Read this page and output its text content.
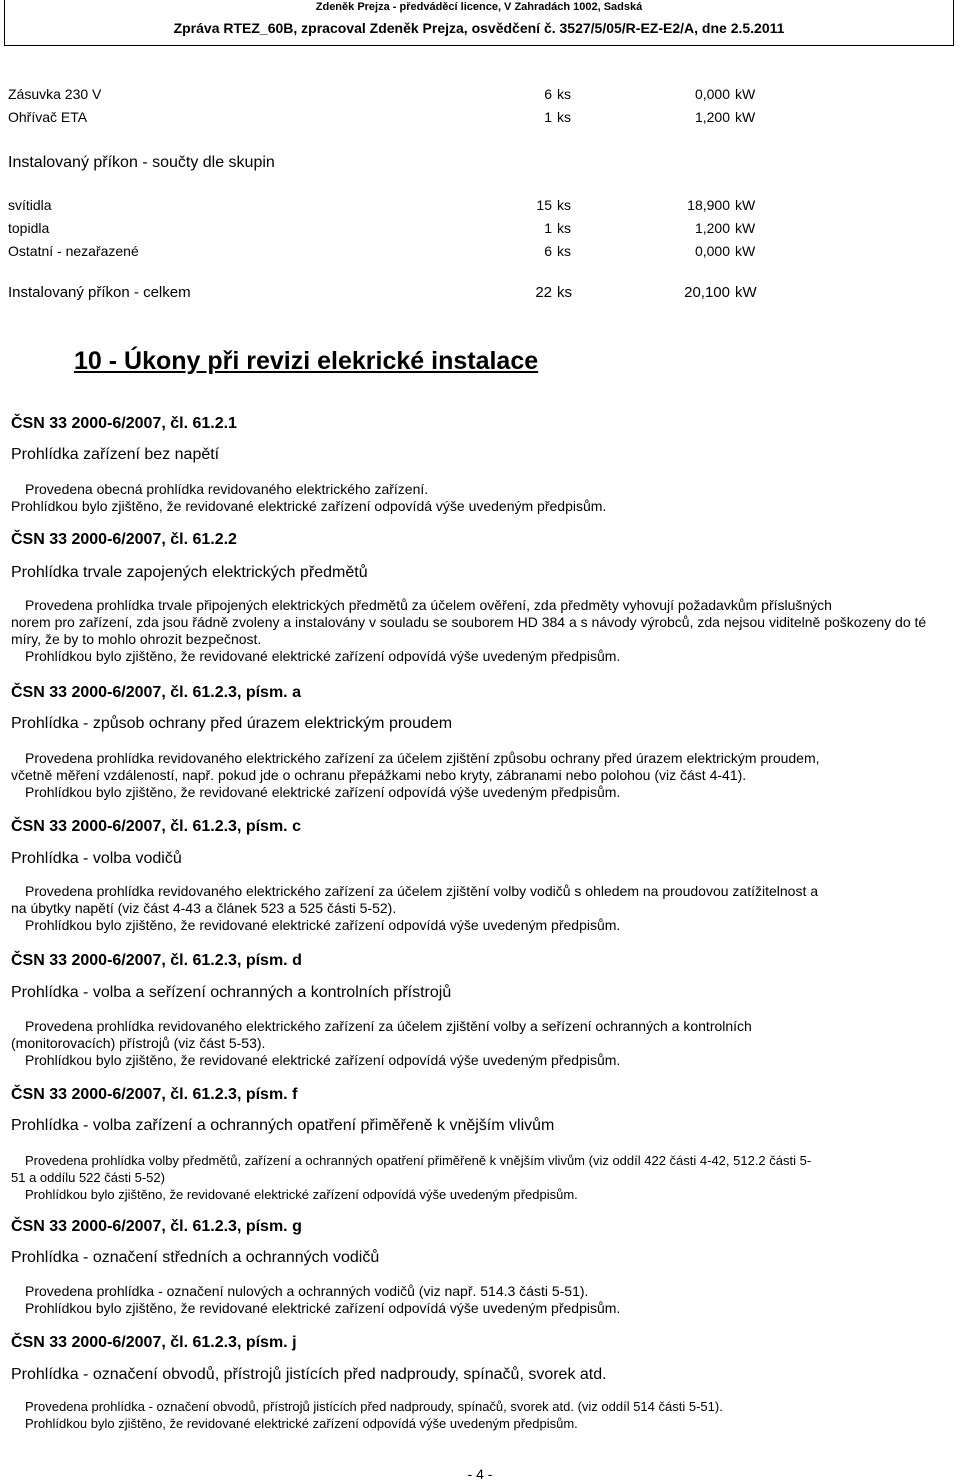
Zdeněk Prejza - předváděcí licence, V Zahradách 1002, Sadská
Zpráva RTEZ_60B, zpracoval Zdeněk Prejza, osvědčení č. 3527/5/05/R-EZ-E2/A, dne 2.5.2011
Zásuvka 230 V	6 ks	0,000 kW
Ohřívač ETA	1 ks	1,200 kW
Instalovaný příkon - součty dle skupin
svítidla	15 ks	18,900 kW
topidla	1 ks	1,200 kW
Ostatní - nezařazené	6 ks	0,000 kW
Instalovaný příkon - celkem	22 ks	20,100 kW
10 - Úkony při revizi elekrické instalace
ČSN 33 2000-6/2007, čl. 61.2.1
Prohlídka zařízení bez napětí
Provedena obecná prohlídka revidovaného elektrického zařízení.
Prohlídkou bylo zjištěno, že revidované elektrické zařízení odpovídá výše uvedeným předpisům.
ČSN 33 2000-6/2007, čl. 61.2.2
Prohlídka trvale zapojených elektrických předmětů
Provedena prohlídka trvale připojených elektrických předmětů za účelem ověření, zda předměty vyhovují požadavkům příslušných
norem pro zařízení, zda jsou řádně zvoleny a instalovány v souladu se souborem HD 384 a s návody výrobců, zda nejsou viditelně poškozeny do té míry, že by to mohlo ohrozit bezpečnost.
Prohlídkou bylo zjištěno, že revidované elektrické zařízení odpovídá výše uvedeným předpisům.
ČSN 33 2000-6/2007, čl. 61.2.3, písm. a
Prohlídka - způsob ochrany před úrazem elektrickým proudem
Provedena prohlídka revidovaného elektrického zařízení za účelem zjištění způsobu ochrany před úrazem elektrickým proudem,
včetně měření vzdáleností, např. pokud jde o ochranu přepážkami nebo kryty, zábranami nebo polohou (viz část 4-41).
Prohlídkou bylo zjištěno, že revidované elektrické zařízení odpovídá výše uvedeným předpisům.
ČSN 33 2000-6/2007, čl. 61.2.3, písm. c
Prohlídka - volba vodičů
Provedena prohlídka revidovaného elektrického zařízení za účelem zjištění volby vodičů s ohledem na proudovou zatížitelnost a
na úbytky napětí (viz část 4-43 a článek 523 a 525 části 5-52).
Prohlídkou bylo zjištěno, že revidované elektrické zařízení odpovídá výše uvedeným předpisům.
ČSN 33 2000-6/2007, čl. 61.2.3, písm. d
Prohlídka - volba a seřízení ochranných a kontrolních přístrojů
Provedena prohlídka revidovaného elektrického zařízení za účelem zjištění volby a seřízení ochranných a kontrolních
(monitorovacích) přístrojů (viz část 5-53).
Prohlídkou bylo zjištěno, že revidované elektrické zařízení odpovídá výše uvedeným předpisům.
ČSN 33 2000-6/2007, čl. 61.2.3, písm. f
Prohlídka - volba zařízení a ochranných opatření přiměřeně k vnějším vlivům
Provedena prohlídka volby předmětů, zařízení a ochranných opatření přiměřeně k vnějším vlivům (viz oddíl 422 části 4-42, 512.2 části 5-
51 a oddílu 522 části 5-52)
Prohlídkou bylo zjištěno, že revidované elektrické zařízení odpovídá výše uvedeným předpisům.
ČSN 33 2000-6/2007, čl. 61.2.3, písm. g
Prohlídka - označení středních a ochranných vodičů
Provedena prohlídka - označení nulových a ochranných vodičů (viz např. 514.3 části 5-51).
Prohlídkou bylo zjištěno, že revidované elektrické zařízení odpovídá výše uvedeným předpisům.
ČSN 33 2000-6/2007, čl. 61.2.3, písm. j
Prohlídka - označení obvodů, přístrojů jistících před nadproudy, spínačů, svorek atd.
Provedena prohlídka - označení obvodů, přístrojů jistících před nadproudy, spínačů, svorek atd. (viz oddíl 514 části 5-51).
Prohlídkou bylo zjištěno, že revidované elektrické zařízení odpovídá výše uvedeným předpisům.
- 4 -
